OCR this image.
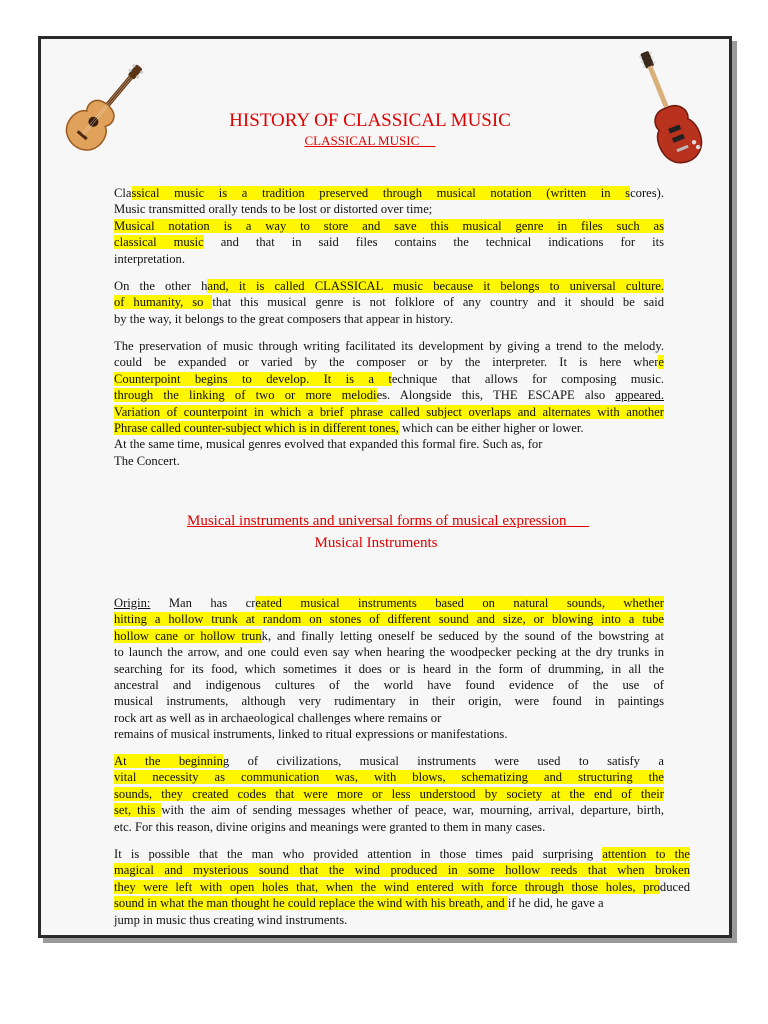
HISTORY OF CLASSICAL MUSIC
CLASSICAL MUSIC
Classical music is a tradition preserved through musical notation (written in scores).
Music transmitted orally tends to be lost or distorted over time;
Musical notation is a way to store and save this musical genre in files such as
classical music and that in said files contains the technical indications for its
interpretation.
On the other hand, it is called CLASSICAL music because it belongs to universal culture.
of humanity, so that this musical genre is not folklore of any country and it should be said
by the way, it belongs to the great composers that appear in history.
The preservation of music through writing facilitated its development by giving a trend to the melody.
could be expanded or varied by the composer or by the interpreter. It is here where
Counterpoint begins to develop. It is a technique that allows for composing music.
through the linking of two or more melodies. Alongside this, THE ESCAPE also appeared.
Variation of counterpoint in which a brief phrase called subject overlaps and alternates with another
Phrase called counter-subject which is in different tones, which can be either higher or lower.
At the same time, musical genres evolved that expanded this formal fire. Such as, for
The Concert.
Musical instruments and universal forms of musical expression
Musical Instruments
Origin: Man has created musical instruments based on natural sounds, whether
hitting a hollow trunk at random on stones of different sound and size, or blowing into a tube
hollow cane or hollow trunk, and finally letting oneself be seduced by the sound of the bowstring at
to launch the arrow, and one could even say when hearing the woodpecker pecking at the dry trunks in
searching for its food, which sometimes it does or is heard in the form of drumming, in all the
ancestral and indigenous cultures of the world have found evidence of the use of
musical instruments, although very rudimentary in their origin, were found in paintings
rock art as well as in archaeological challenges where remains or
remains of musical instruments, linked to ritual expressions or manifestations.
At the beginning of civilizations, musical instruments were used to satisfy a
vital necessity as communication was, with blows, schematizing and structuring the
sounds, they created codes that were more or less understood by society at the end of their
set, this with the aim of sending messages whether of peace, war, mourning, arrival, departure, birth,
etc. For this reason, divine origins and meanings were granted to them in many cases.
It is possible that the man who provided attention in those times paid surprising attention to the
magical and mysterious sound that the wind produced in some hollow reeds that when broken
they were left with open holes that, when the wind entered with force through those holes, produced
sound in what the man thought he could replace the wind with his breath, and if he did, he gave a
jump in music thus creating wind instruments.
